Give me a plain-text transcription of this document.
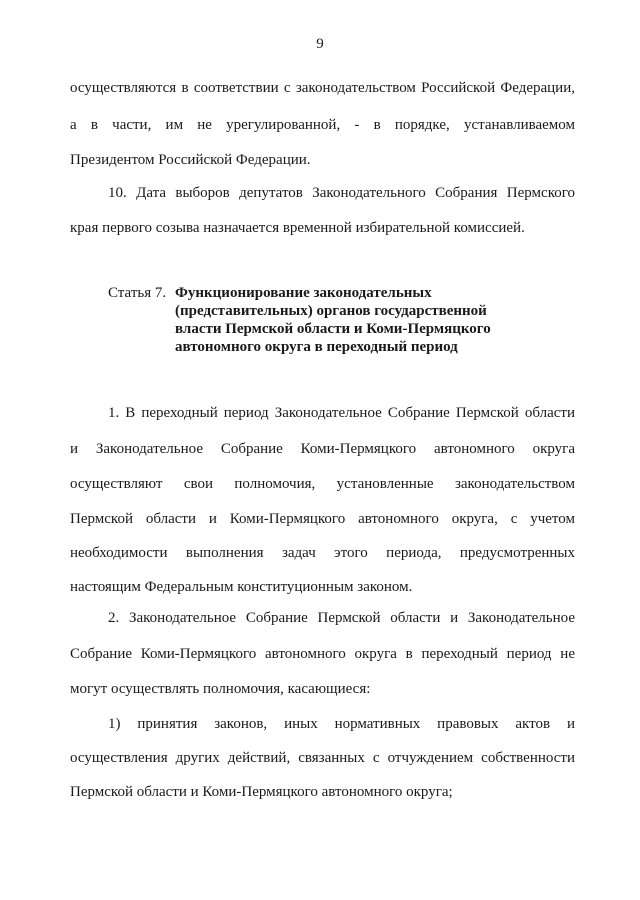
9
осуществляются в соответствии с законодательством Российской Федерации,
а в части, им не урегулированной, - в порядке, устанавливаемом
Президентом Российской Федерации.
10. Дата выборов депутатов Законодательного Собрания Пермского
края первого созыва назначается временной избирательной комиссией.
Статья 7. Функционирование законодательных
(представительных) органов государственной
власти Пермской области и Коми-Пермяцкого
автономного округа в переходный период
1. В переходный период Законодательное Собрание Пермской области
и Законодательное Собрание Коми-Пермяцкого автономного округа
осуществляют свои полномочия, установленные законодательством
Пермской области и Коми-Пермяцкого автономного округа, с учетом
необходимости выполнения задач этого периода, предусмотренных
настоящим Федеральным конституционным законом.
2. Законодательное Собрание Пермской области и Законодательное
Собрание Коми-Пермяцкого автономного округа в переходный период не
могут осуществлять полномочия, касающиеся:
1) принятия законов, иных нормативных правовых актов и
осуществления других действий, связанных с отчуждением собственности
Пермской области и Коми-Пермяцкого автономного округа;
